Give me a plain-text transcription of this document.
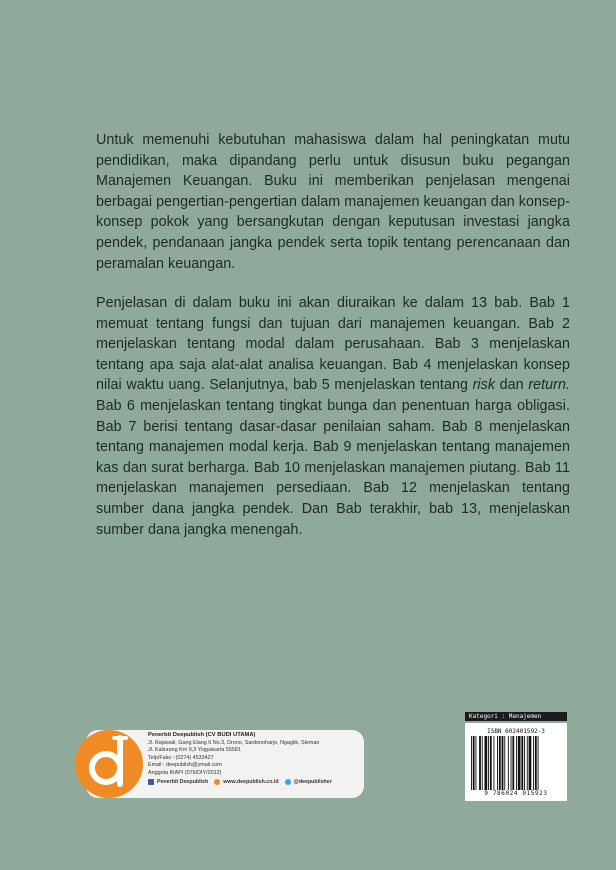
Untuk memenuhi kebutuhan mahasiswa dalam hal peningkatan mutu pendidikan, maka dipandang perlu untuk disusun buku pegangan Manajemen Keuangan. Buku ini memberikan penjelasan mengenai berbagai pengertian-pengertian dalam manajemen keuangan dan konsep-konsep pokok yang bersangkutan dengan keputusan investasi jangka pendek, pendanaan jangka pendek serta topik tentang perencanaan dan peramalan keuangan.
Penjelasan di dalam buku ini akan diuraikan ke dalam 13 bab. Bab 1 memuat tentang fungsi dan tujuan dari manajemen keuangan. Bab 2 menjelaskan tentang modal dalam perusahaan. Bab 3 menjelaskan tentang apa saja alat-alat analisa keuangan. Bab 4 menjelaskan konsep nilai waktu uang. Selanjutnya, bab 5 menjelaskan tentang risk dan return. Bab 6 menjelaskan tentang tingkat bunga dan penentuan harga obligasi. Bab 7 berisi tentang dasar-dasar penilaian saham. Bab 8 menjelaskan tentang manajemen modal kerja. Bab 9 menjelaskan tentang manajemen kas dan surat berharga. Bab 10 menjelaskan manajemen piutang. Bab 11 menjelaskan manajemen persediaan. Bab 12 menjelaskan tentang sumber dana jangka pendek. Dan Bab terakhir, bab 13, menjelaskan sumber dana jangka menengah.
Penerbit Deepublish (CV BUDI UTAMA)
Jl. Rajawali, Gang Elang 6 No.3, Drono, Sardonoharjo, Ngaglik, Sleman
Jl. Kaliurang Km 9,3 Yogyakarta 55581
Telp/Faks : (0274) 4533427
Email : deepublish@ymail.com
Anggota IKAPI (076/DIY/2012)
Penerbit Deepublish	www.deepublish.co.id	@deepublisher
Kategori : Manajemen
ISBN 602401592-3
9 786024 015923
